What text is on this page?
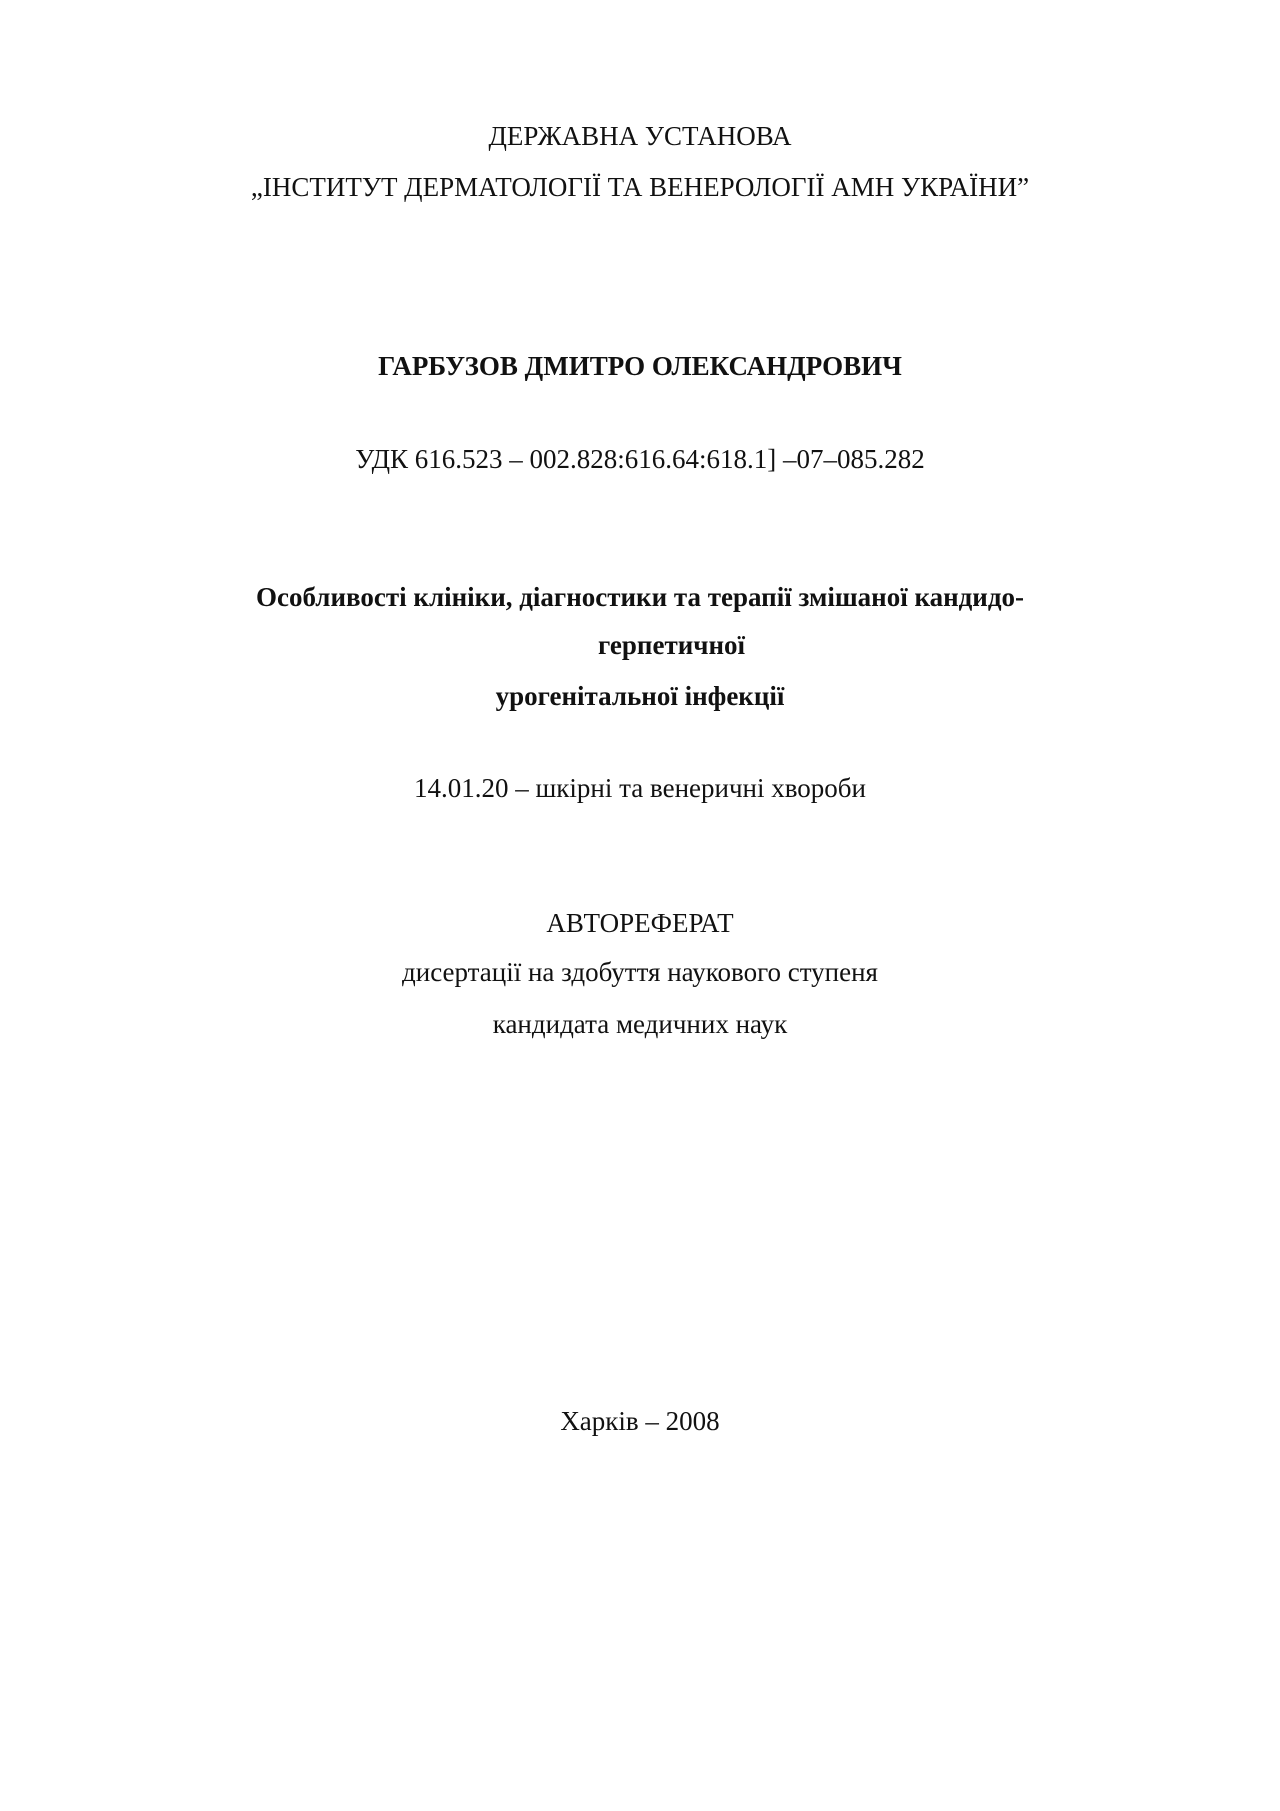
ДЕРЖАВНА УСТАНОВА
„ІНСТИТУТ ДЕРМАТОЛОГІЇ ТА ВЕНЕРОЛОГІЇ АМН УКРАЇНИ”
ГАРБУЗОВ ДМИТРО ОЛЕКСАНДРОВИЧ
УДК 616.523 – 002.828:616.64:618.1] –07–085.282
Особливості клініки, діагностики та терапії змішаної кандидо-
герпетичної
урогенітальної інфекції
14.01.20 – шкірні та венеричні хвороби
АВТОРЕФЕРАТ
дисертації на здобуття наукового ступеня
кандидата медичних наук
Харків – 2008
